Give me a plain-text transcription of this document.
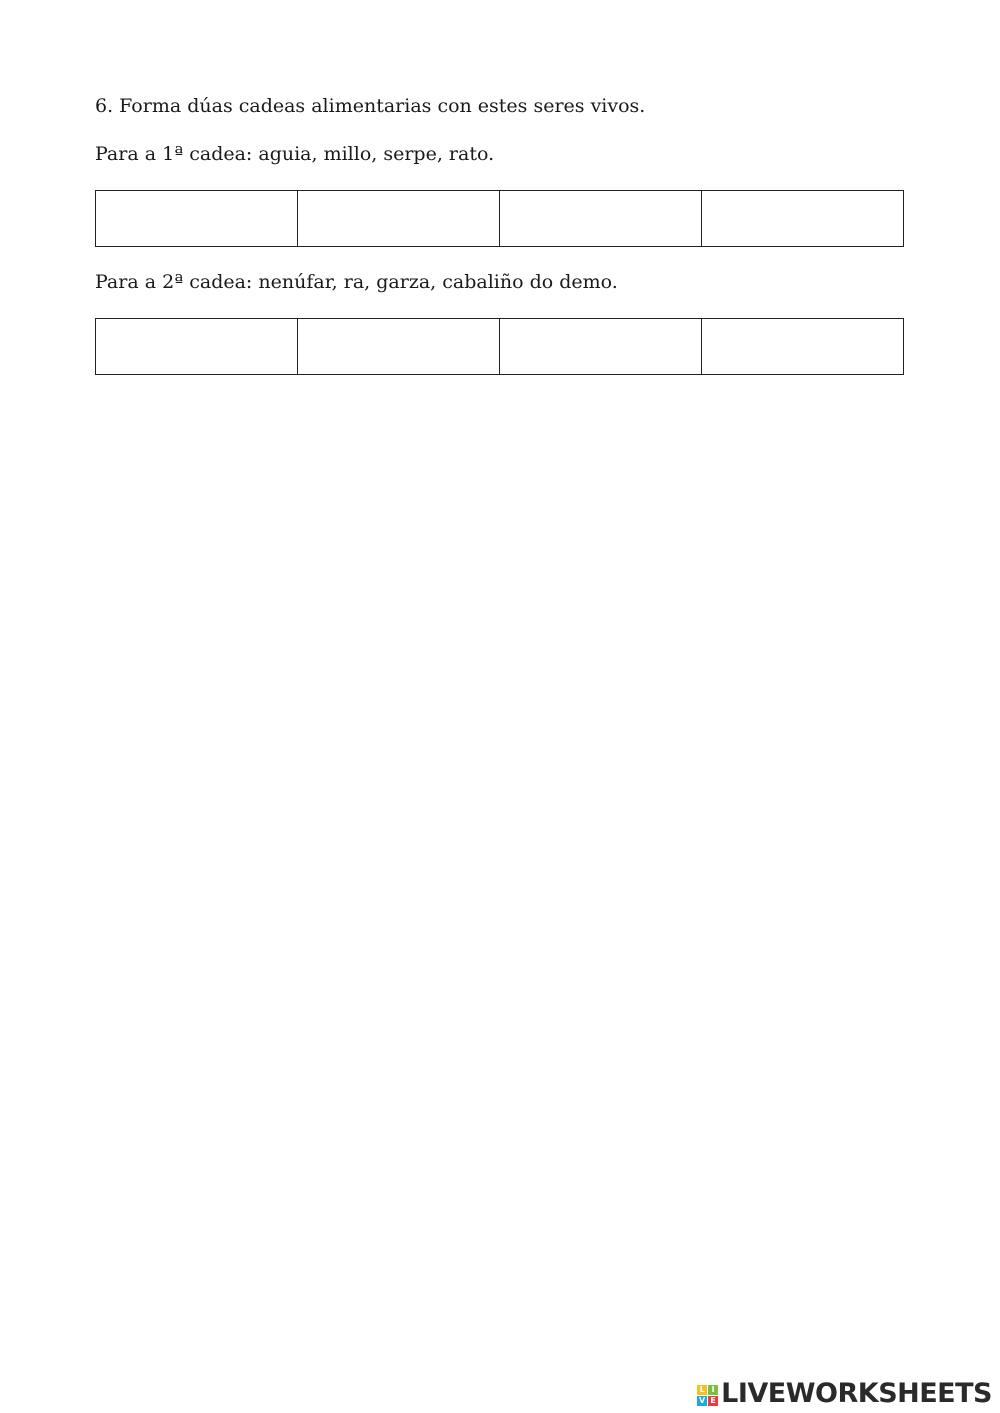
6. Forma dúas cadeas alimentarias con estes seres vivos.

Para a 1ª cadea: aguia, millo, serpe, rato.

Para a 2ª cadea: nenúfar, ra, garza, cabaliño do demo.

L I
V E LIVEWORKSHEETS
